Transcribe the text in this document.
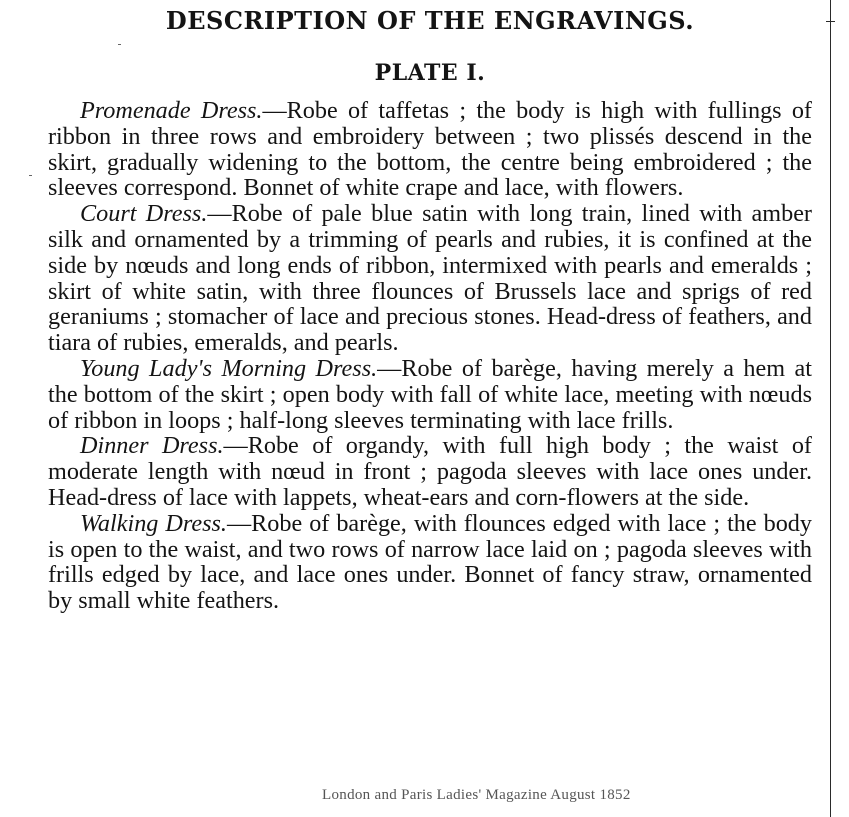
DESCRIPTION OF THE ENGRAVINGS.
PLATE I.

Promenade Dress.—Robe of taffetas ; the body is high with fullings of ribbon in three rows and embroidery between ; two plissés descend in the skirt, gradually widening to the bottom, the centre being embroidered ; the sleeves correspond. Bonnet of white crape and lace, with flowers.

Court Dress.—Robe of pale blue satin with long train, lined with amber silk and ornamented by a trimming of pearls and rubies, it is confined at the side by nœuds and long ends of ribbon, intermixed with pearls and emeralds ; skirt of white satin, with three flounces of Brussels lace and sprigs of red geraniums ; stomacher of lace and precious stones. Head-dress of feathers, and tiara of rubies, emeralds, and pearls.

Young Lady's Morning Dress.—Robe of barège, having merely a hem at the bottom of the skirt ; open body with fall of white lace, meeting with nœuds of ribbon in loops ; half-long sleeves terminating with lace frills.

Dinner Dress.—Robe of organdy, with full high body ; the waist of moderate length with nœud in front ; pagoda sleeves with lace ones under. Head-dress of lace with lappets, wheat-ears and corn-flowers at the side.

Walking Dress.—Robe of barège, with flounces edged with lace ; the body is open to the waist, and two rows of narrow lace laid on ; pagoda sleeves with frills edged by lace, and lace ones under. Bonnet of fancy straw, ornamented by small white feathers.

London and Paris Ladies' Magazine August 1852
